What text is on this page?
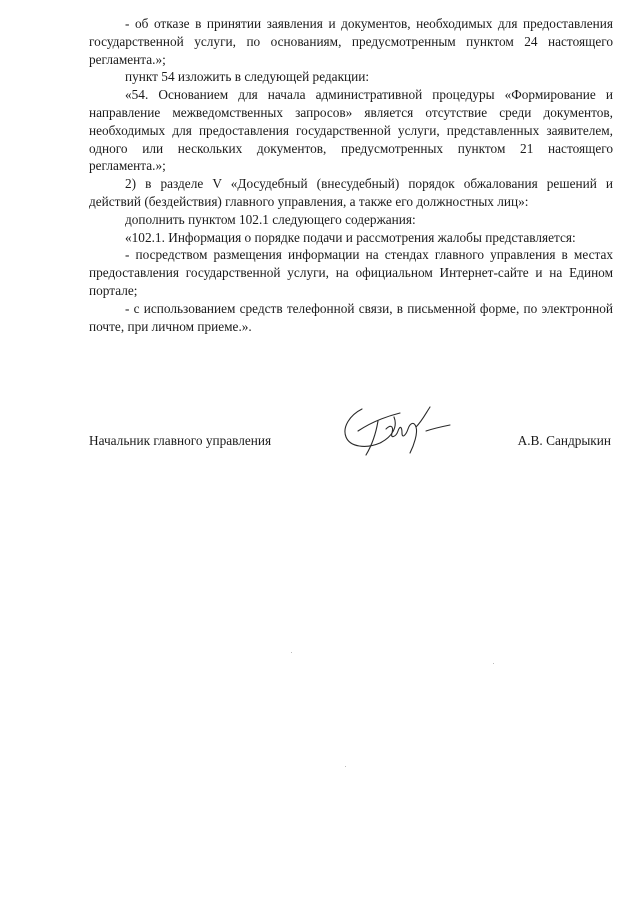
- об отказе в принятии заявления и документов, необходимых для предоставления государственной услуги, по основаниям, предусмотренным пунктом 24 настоящего регламента.»;

пункт 54 изложить в следующей редакции:

«54. Основанием для начала административной процедуры «Формирование и направление межведомственных запросов» является отсутствие среди документов, необходимых для предоставления государственной услуги, представленных заявителем, одного или нескольких документов, предусмотренных пунктом 21 настоящего регламента.»;

2) в разделе V «Досудебный (внесудебный) порядок обжалования решений и действий (бездействия) главного управления, а также его должностных лиц»:

дополнить пунктом 102.1 следующего содержания:

«102.1. Информация о порядке подачи и рассмотрения жалобы представляется:

- посредством размещения информации на стендах главного управления в местах предоставления государственной услуги, на официальном Интернет-сайте и на Едином портале;

- с использованием средств телефонной связи, в письменной форме, по электронной почте, при личном приеме.».

Начальник главного управления	А.В. Сандрыкин
